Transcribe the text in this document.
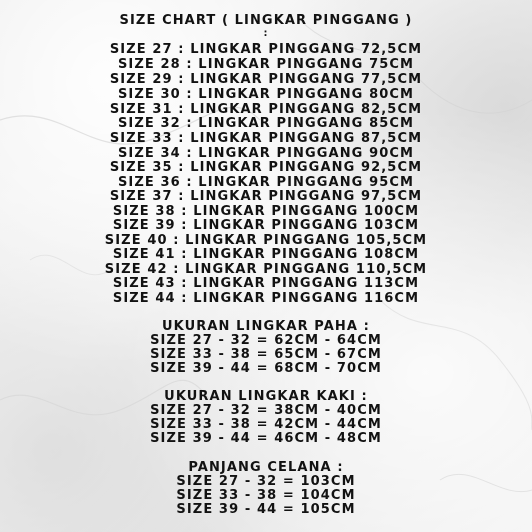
SIZE CHART ( LINGKAR PINGGANG )
:
SIZE 27 : LINGKAR PINGGANG 72,5CM
SIZE 28 : LINGKAR PINGGANG 75CM
SIZE 29 : LINGKAR PINGGANG 77,5CM
SIZE 30 : LINGKAR PINGGANG 80CM
SIZE 31 : LINGKAR PINGGANG 82,5CM
SIZE 32 : LINGKAR PINGGANG 85CM
SIZE 33 : LINGKAR PINGGANG 87,5CM
SIZE 34 : LINGKAR PINGGANG 90CM
SIZE 35 : LINGKAR PINGGANG 92,5CM
SIZE 36 : LINGKAR PINGGANG 95CM
SIZE 37 : LINGKAR PINGGANG 97,5CM
SIZE 38 : LINGKAR PINGGANG 100CM
SIZE 39 : LINGKAR PINGGANG 103CM
SIZE 40 : LINGKAR PINGGANG 105,5CM
SIZE 41 : LINGKAR PINGGANG 108CM
SIZE 42 : LINGKAR PINGGANG 110,5CM
SIZE 43 : LINGKAR PINGGANG 113CM
SIZE 44 : LINGKAR PINGGANG 116CM
UKURAN LINGKAR PAHA :
SIZE 27 - 32 = 62CM - 64CM
SIZE 33 - 38 = 65CM - 67CM
SIZE 39 - 44 = 68CM - 70CM
UKURAN LINGKAR KAKI :
SIZE 27 - 32 = 38CM - 40CM
SIZE 33 - 38 = 42CM - 44CM
SIZE 39 - 44 = 46CM - 48CM
PANJANG CELANA :
SIZE 27 - 32 = 103CM
SIZE 33 - 38 = 104CM
SIZE 39 - 44 = 105CM
